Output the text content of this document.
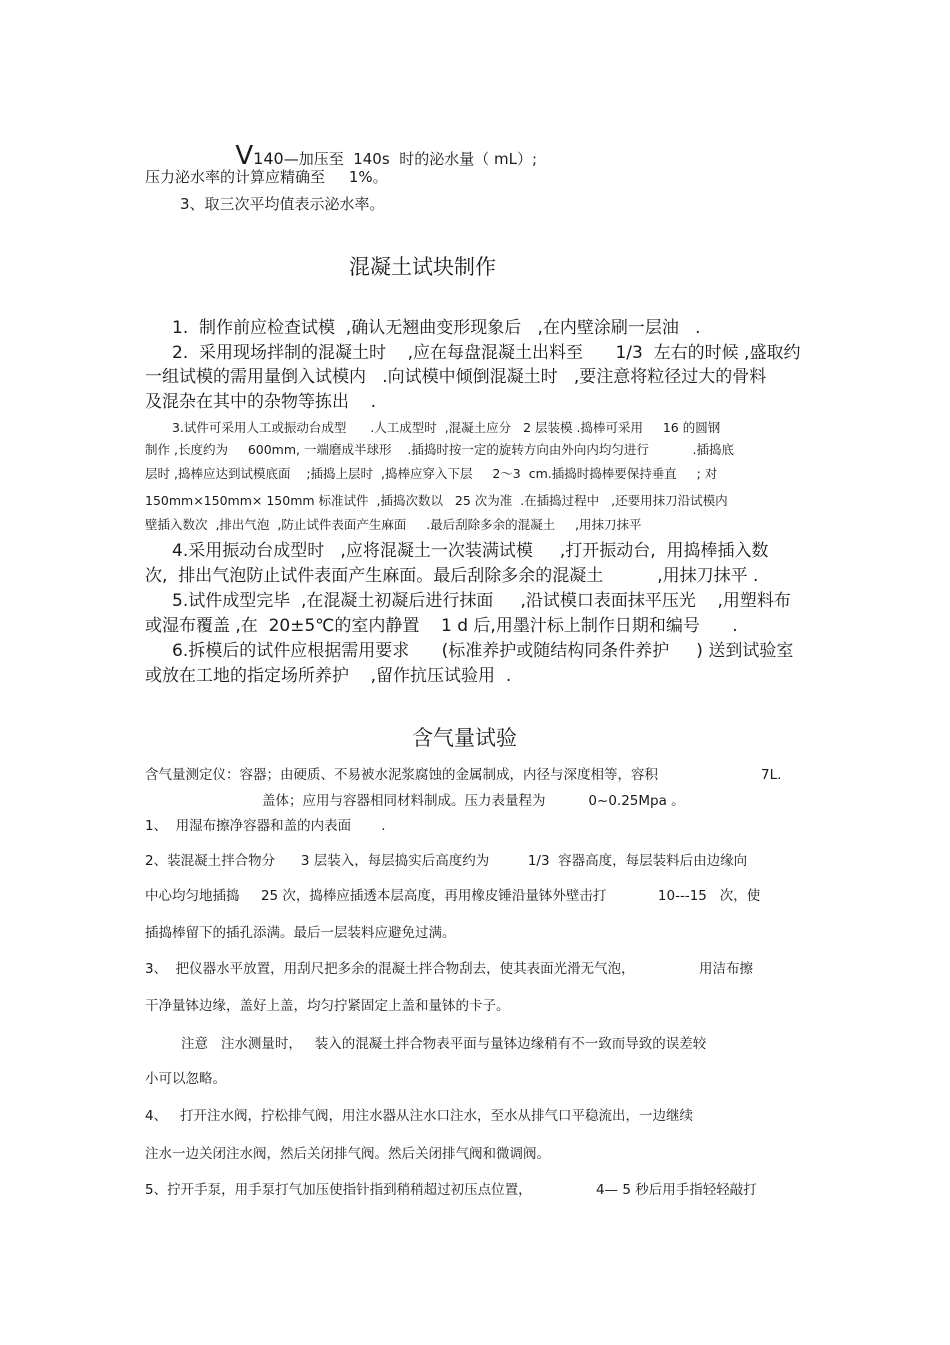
V140—加压至  140s  时的泌水量（ mL）;

压力泌水率的计算应精确至     1%。
3、取三次平均值表示泌水率。
混凝土试块制作
1.  制作前应检查试模  ,确认无翘曲变形现象后   ,在内壁涂刷一层油   .
2.  采用现场拌制的混凝土时    ,应在每盘混凝土出料至      1/3  左右的时候 ,盛取约
一组试模的需用量倒入试模内   .向试模中倾倒混凝土时   ,要注意将粒径过大的骨料
及混杂在其中的杂物等拣出    .
3.试件可采用人工或振动台成型      .人工成型时  ,混凝土应分   2 层装模 .捣棒可采用     16 的圆钢
制作 ,长度约为     600mm, 一端磨成半球形    .插捣时按一定的旋转方向由外向内均匀进行           .插捣底
层时 ,捣棒应达到试模底面    ;插捣上层时  ,捣棒应穿入下层     2～3  cm.插捣时捣棒要保持垂直     ; 对
150mm×150mm× 150mm 标准试件  ,插捣次数以   25 次为准  .在插捣过程中   ,还要用抹刀沿试模内
壁插入数次  ,排出气泡  ,防止试件表面产生麻面     .最后刮除多余的混凝土     ,用抹刀抹平
4.采用振动台成型时   ,应将混凝土一次装满试模     ,打开振动台,  用捣棒插入数
次,  排出气泡防止试件表面产生麻面。最后刮除多余的混凝土          ,用抹刀抹平 .
5.试件成型完毕  ,在混凝土初凝后进行抹面     ,沿试模口表面抹平压光    ,用塑料布
或湿布覆盖 ,在  20±5℃的室内静置    1 d 后,用墨汁标上制作日期和编号      .
6.拆模后的试件应根据需用要求      (标准养护或随结构同条件养护     ) 送到试验室
或放在工地的指定场所养护    ,留作抗压试验用  .
含气量试验
含气量测定仪：容器；由硬质、不易被水泥浆腐蚀的金属制成，内径与深度相等，容积                        7L.
盖体；应用与容器相同材料制成。压力表量程为          0~0.25Mpa 。
1、  用湿布擦净容器和盖的内表面       .
2、装混凝土拌合物分      3 层装入，每层捣实后高度约为         1/3  容器高度，每层装料后由边缘向
中心均匀地插捣     25 次，捣棒应插透本层高度，再用橡皮锤沿量钵外壁击打            10---15   次，使
插捣棒留下的插孔添满。最后一层装料应避免过满。
3、  把仪器水平放置，用刮尺把多余的混凝土拌合物刮去，使其表面光滑无气泡，               用洁布擦
干净量钵边缘，盖好上盖，均匀拧紧固定上盖和量钵的卡子。
注意   注水测量时，   装入的混凝土拌合物表平面与量钵边缘稍有不一致而导致的误差较
小可以忽略。
4、   打开注水阀，拧松排气阀，用注水器从注水口注水，至水从排气口平稳流出，一边继续
注水一边关闭注水阀，然后关闭排气阀。然后关闭排气阀和微调阀。
5、拧开手泵，用手泵打气加压使指针指到稍稍超过初压点位置，               4— 5 秒后用手指轻轻敲打
